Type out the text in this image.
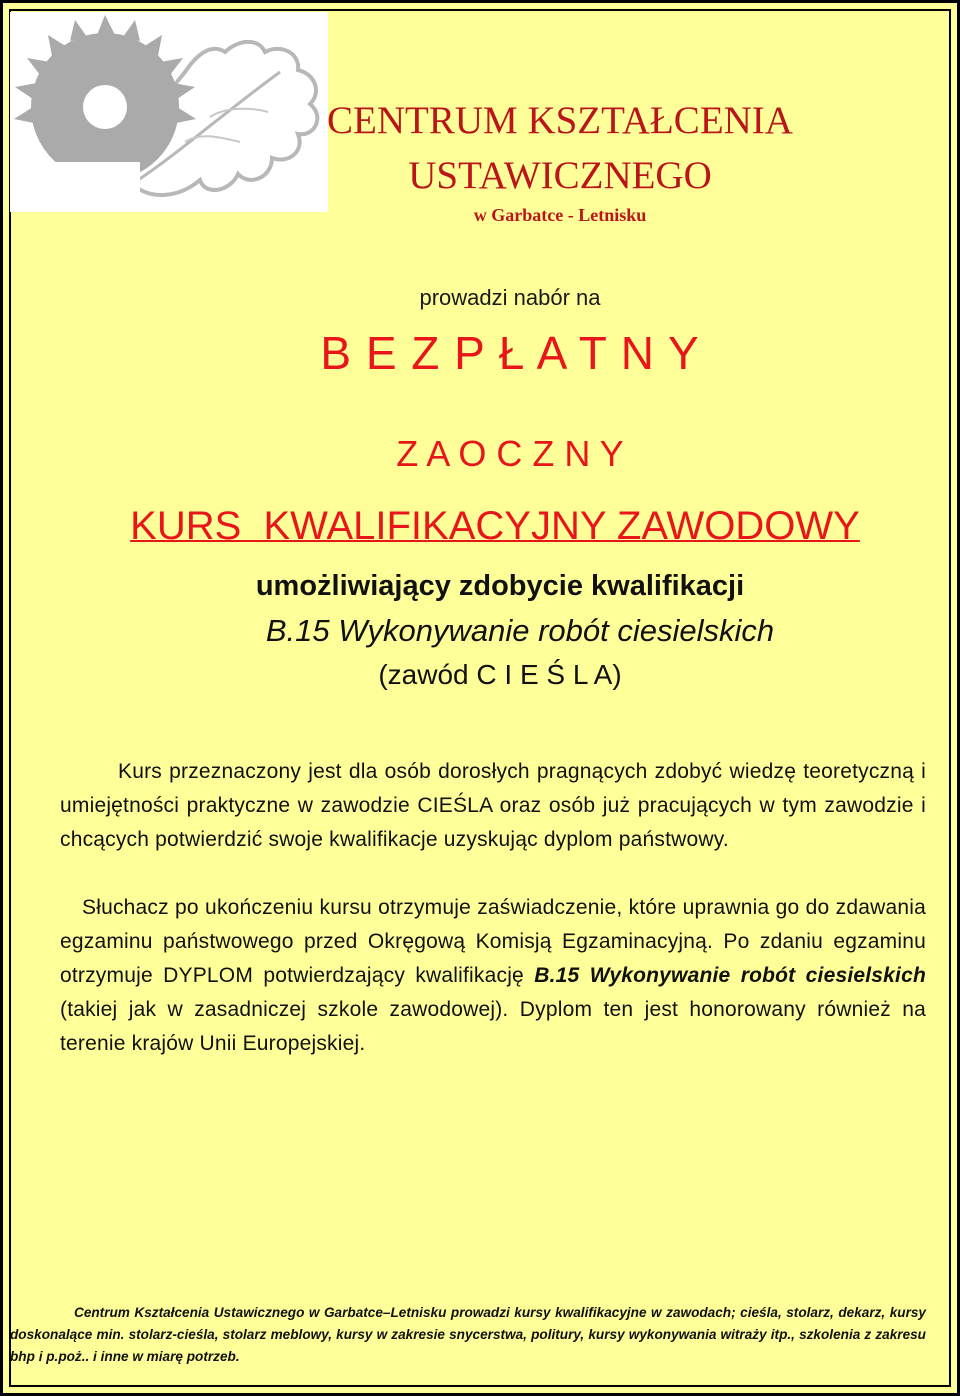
CENTRUM KSZTAŁCENIA
USTAWICZNEGO
w Garbatce - Letnisku
prowadzi nabór na
B E Z P Ł A T N Y
Z A O C Z N Y
KURS  KWALIFIKACYJNY ZAWODOWY
umożliwiający zdobycie kwalifikacji
B.15 Wykonywanie robót ciesielskich
(zawód C I E Ś L A)
Kurs przeznaczony jest dla osób dorosłych pragnących zdobyć wiedzę teoretyczną i umiejętności praktyczne w zawodzie CIEŚLA oraz osób już pracujących w tym zawodzie i chcących potwierdzić swoje kwalifikacje uzyskując dyplom państwowy.
Słuchacz po ukończeniu kursu otrzymuje zaświadczenie, które uprawnia go do zdawania egzaminu państwowego przed Okręgową Komisją Egzaminacyjną. Po zdaniu egzaminu otrzymuje DYPLOM potwierdzający kwalifikację B.15 Wykonywanie robót ciesielskich (takiej jak w zasadniczej szkole zawodowej). Dyplom ten jest honorowany również na terenie krajów Unii Europejskiej.
Centrum Kształcenia Ustawicznego w Garbatce–Letnisku prowadzi kursy kwalifikacyjne w zawodach; cieśla, stolarz, dekarz, kursy doskonalące min. stolarz-cieśla, stolarz meblowy, kursy w zakresie snycerstwa, politury, kursy wykonywania witraży itp., szkolenia z zakresu bhp i p.poż.. i inne w miarę potrzeb.
